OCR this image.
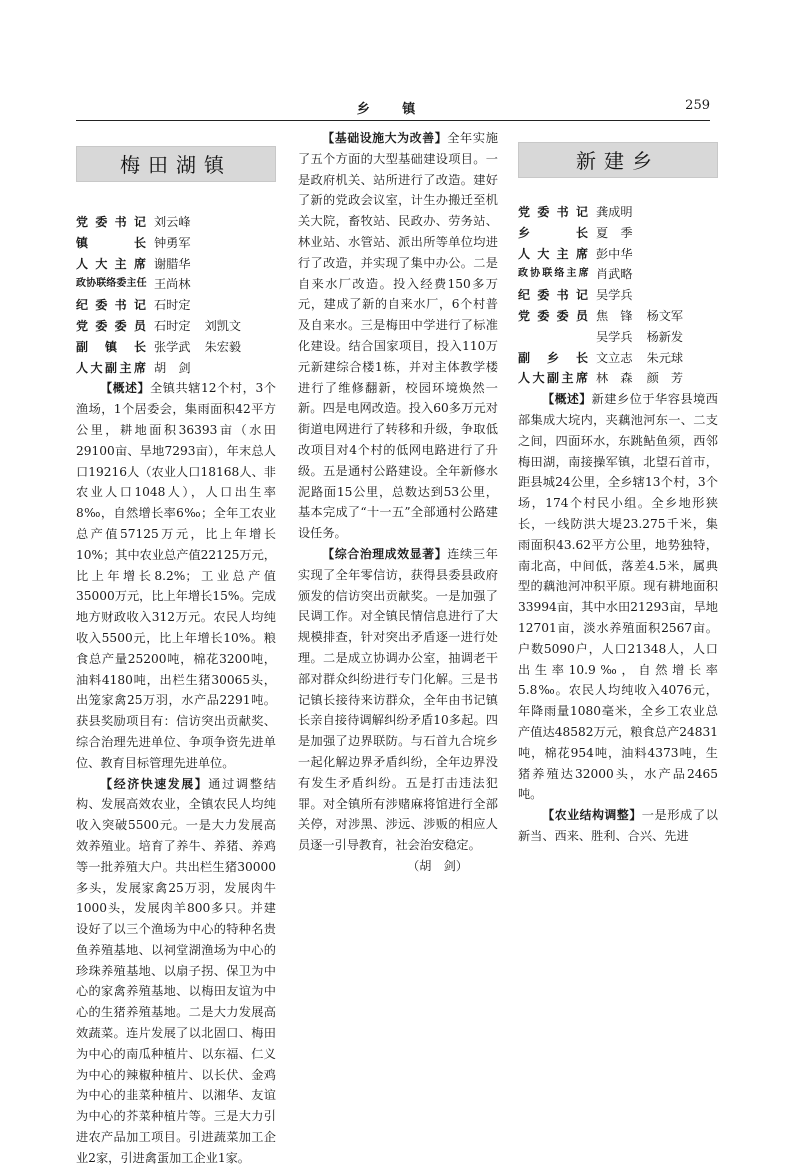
乡 镇	259
梅田湖镇
党委书记 刘云峰
镇　　长 钟勇军
人大主席 谢腊华
政协联络委主任 王尚林
纪委书记 石时定
党委委员 石时定 刘凯文
副 镇 长 张学武 朱宏毅
人大副主席 胡　剑

【概述】全镇共辖12个村，3个渔场，1个居委会，集雨面积42平方公里，耕地面积36393亩（水田29100亩、旱地7293亩），年末总人口19216人（农业人口18168人、非农业人口1048人），人口出生率8‰，自然增长率6‰；全年工农业总产值57125万元，比上年增长10%；其中农业总产值22125万元，比上年增长8.2%；工业总产值35000万元，比上年增长15%。完成地方财政收入312万元。农民人均纯收入5500元，比上年增长10%。粮食总产量25200吨，棉花3200吨，油料4180吨，出栏生猪30065头，出笼家禽25万羽，水产品2291吨。获县奖励项目有：信访突出贡献奖、综合治理先进单位、争项争资先进单位、教育目标管理先进单位。

【经济快速发展】通过调整结构、发展高效农业，全镇农民人均纯收入突破5500元。一是大力发展高效养殖业。培育了养牛、养猪、养鸡等一批养殖大户。共出栏生猪30000多头，发展家禽25万羽，发展肉牛1000头，发展肉羊800多只。并建设好了以三个渔场为中心的特种名贵鱼养殖基地、以祠堂湖渔场为中心的珍珠养殖基地、以扇子拐、保卫为中心的家禽养殖基地、以梅田友谊为中心的生猪养殖基地。二是大力发展高效蔬菜。连片发展了以北固口、梅田为中心的南瓜种植片、以东福、仁义为中心的辣椒种植片、以长伏、金鸡为中心的韭菜种植片、以湘华、友谊为中心的芥菜种植片等。三是大力引进农产品加工项目。引进蔬菜加工企业2家，引进禽蛋加工企业1家。

【基础设施大为改善】全年实施了五个方面的大型基础建设项目。一是政府机关、站所进行了改造。建好了新的党政会议室，计生办搬迁至机关大院，畜牧站、民政办、劳务站、林业站、水管站、派出所等单位均进行了改造，并实现了集中办公。二是自来水厂改造。投入经费150多万元，建成了新的自来水厂，6个村普及自来水。三是梅田中学进行了标准化建设。结合国家项目，投入110万元新建综合楼1栋，并对主体教学楼进行了维修翻新，校园环境焕然一新。四是电网改造。投入60多万元对街道电网进行了转移和升级，争取低改项目对4个村的低网电路进行了升级。五是通村公路建设。全年新修水泥路面15公里，总数达到53公里，基本完成了“十一五”全部通村公路建设任务。

【综合治理成效显著】连续三年实现了全年零信访，获得县委县政府颁发的信访突出贡献奖。一是加强了民调工作。对全镇民情信息进行了大规模排查，针对突出矛盾逐一进行处理。二是成立协调办公室，抽调老干部对群众纠纷进行专门化解。三是书记镇长接待来访群众，全年由书记镇长亲自接待调解纠纷矛盾10多起。四是加强了边界联防。与石首九合垸乡一起化解边界矛盾纠纷，全年边界没有发生矛盾纠纷。五是打击违法犯罪。对全镇所有涉赌麻将馆进行全部关停，对涉黑、涉远、涉贩的相应人员逐一引导教育，社会治安稳定。

（胡　剑）

新建乡
党委书记 龚成明
乡　　长 夏　季
人大主席 彭中华
政协联络主席 肖武略
纪委书记 吴学兵
党委委员 焦　锋 杨文军
吴学兵 杨新发
副 乡 长 文立志 朱元球
人大副主席 林　森 颜　芳

【概述】新建乡位于华容县境西部集成大垸内，夹藕池河东一、二支之间，四面环水，东跳鲇鱼须，西邻梅田湖，南接操军镇，北望石首市，距县城24公里，全乡辖13个村，3个场，174个村民小组。全乡地形狭长，一线防洪大堤23.275千米，集雨面积43.62平方公里，地势独特，南北高，中间低，落差4.5米，属典型的藕池河冲积平原。现有耕地面积33994亩，其中水田21293亩，旱地12701亩，淡水养殖面积2567亩。户数5090户，人口21348人，人口出生率10.9‰，自然增长率5.8‰。农民人均纯收入4076元，年降雨量1080毫米，全乡工农业总产值达48582万元，粮食总产24831吨，棉花954吨，油料4373吨，生猪养殖达32000头，水产品2465吨。

【农业结构调整】一是形成了以新当、西来、胜利、合兴、先进
